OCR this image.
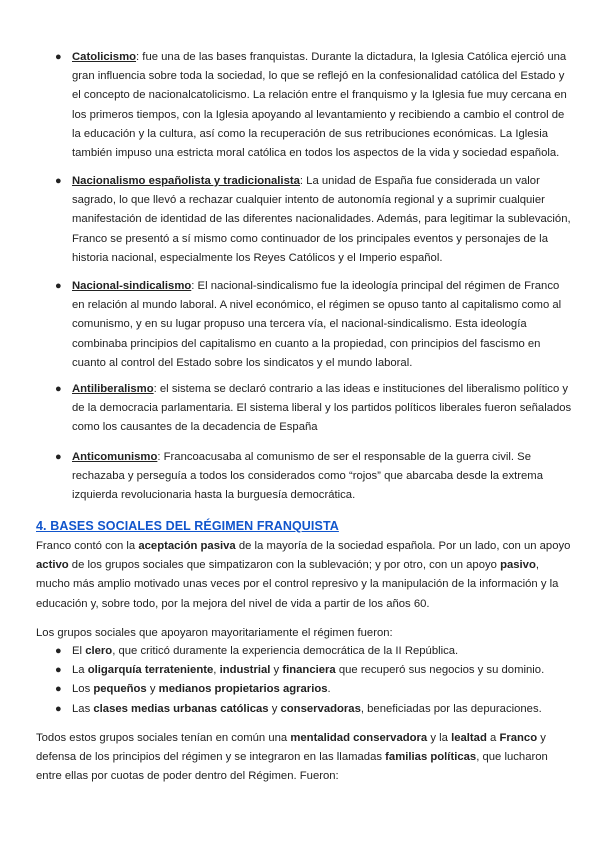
● Catolicismo: fue una de las bases franquistas. Durante la dictadura, la Iglesia Católica ejerció una gran influencia sobre toda la sociedad, lo que se reflejó en la confesionalidad católica del Estado y el concepto de nacionalcatolicismo. La relación entre el franquismo y la Iglesia fue muy cercana en los primeros tiempos, con la Iglesia apoyando al levantamiento y recibiendo a cambio el control de la educación y la cultura, así como la recuperación de sus retribuciones económicas. La Iglesia también impuso una estricta moral católica en todos los aspectos de la vida y sociedad española.

● Nacionalismo españolista y tradicionalista: La unidad de España fue considerada un valor sagrado, lo que llevó a rechazar cualquier intento de autonomía regional y a suprimir cualquier manifestación de identidad de las diferentes nacionalidades. Además, para legitimar la sublevación, Franco se presentó a sí mismo como continuador de los principales eventos y personajes de la historia nacional, especialmente los Reyes Católicos y el Imperio español.

● Nacional-sindicalismo: El nacional-sindicalismo fue la ideología principal del régimen de Franco en relación al mundo laboral. A nivel económico, el régimen se opuso tanto al capitalismo como al comunismo, y en su lugar propuso una tercera vía, el nacional-sindicalismo. Esta ideología combinaba principios del capitalismo en cuanto a la propiedad, con principios del fascismo en cuanto al control del Estado sobre los sindicatos y el mundo laboral.

● Antiliberalismo: el sistema se declaró contrario a las ideas e instituciones del liberalismo político y de la democracia parlamentaria. El sistema liberal y los partidos políticos liberales fueron señalados como los causantes de la decadencia de España

● Anticomunismo: Francoacusaba al comunismo de ser el responsable de la guerra civil. Se rechazaba y perseguía a todos los considerados como “rojos” que abarcaba desde la extrema izquierda revolucionaria hasta la burguesía democrática.

4. BASES SOCIALES DEL RÉGIMEN FRANQUISTA

Franco contó con la aceptación pasiva de la mayoría de la sociedad española. Por un lado, con un apoyo activo de los grupos sociales que simpatizaron con la sublevación; y por otro, con un apoyo pasivo, mucho más amplio motivado unas veces por el control represivo y la manipulación de la información y la educación y, sobre todo, por la mejora del nivel de vida a partir de los años 60.

Los grupos sociales que apoyaron mayoritariamente el régimen fueron:

● El clero, que criticó duramente la experiencia democrática de la II República.
● La oligarquía terrateniente, industrial y financiera que recuperó sus negocios y su dominio.
● Los pequeños y medianos propietarios agrarios.
● Las clases medias urbanas católicas y conservadoras, beneficiadas por las depuraciones.

Todos estos grupos sociales tenían en común una mentalidad conservadora y la lealtad a Franco y defensa de los principios del régimen y se integraron en las llamadas familias políticas, que lucharon entre ellas por cuotas de poder dentro del Régimen. Fueron:
